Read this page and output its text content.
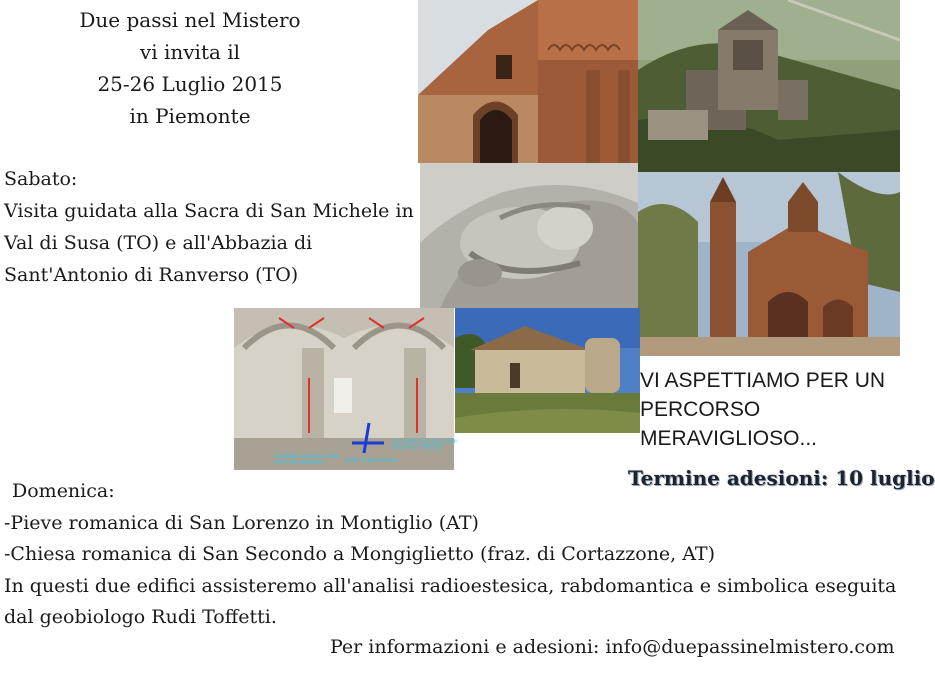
Due passi nel Mistero
vi invita il
25-26 Luglio 2015
in Piemonte
Sabato:
Visita guidata alla Sacra di San Michele in
Val di Susa (TO) e all'Abbazia di
Sant'Antonio di Ranverso (TO)
COLONNA CON BOLLANDI
POSITIVO TERRENO
COLONNA CON BOLLANDI
NEGATIVO TERRENO
LINEA CONDUTTRICE
VI ASPETTIAMO PER UN
PERCORSO
MERAVIGLIOSO...
Termine adesioni: 10 luglio
Domenica:
-Pieve romanica di San Lorenzo in Montiglio (AT)
-Chiesa romanica di San Secondo a Mongiglietto (fraz. di Cortazzone, AT)
In questi due edifici assisteremo all'analisi radioestesica, rabdomantica e simbolica eseguita
dal geobiologo Rudi Toffetti.
Per informazioni e adesioni: info@duepassinelmistero.com
